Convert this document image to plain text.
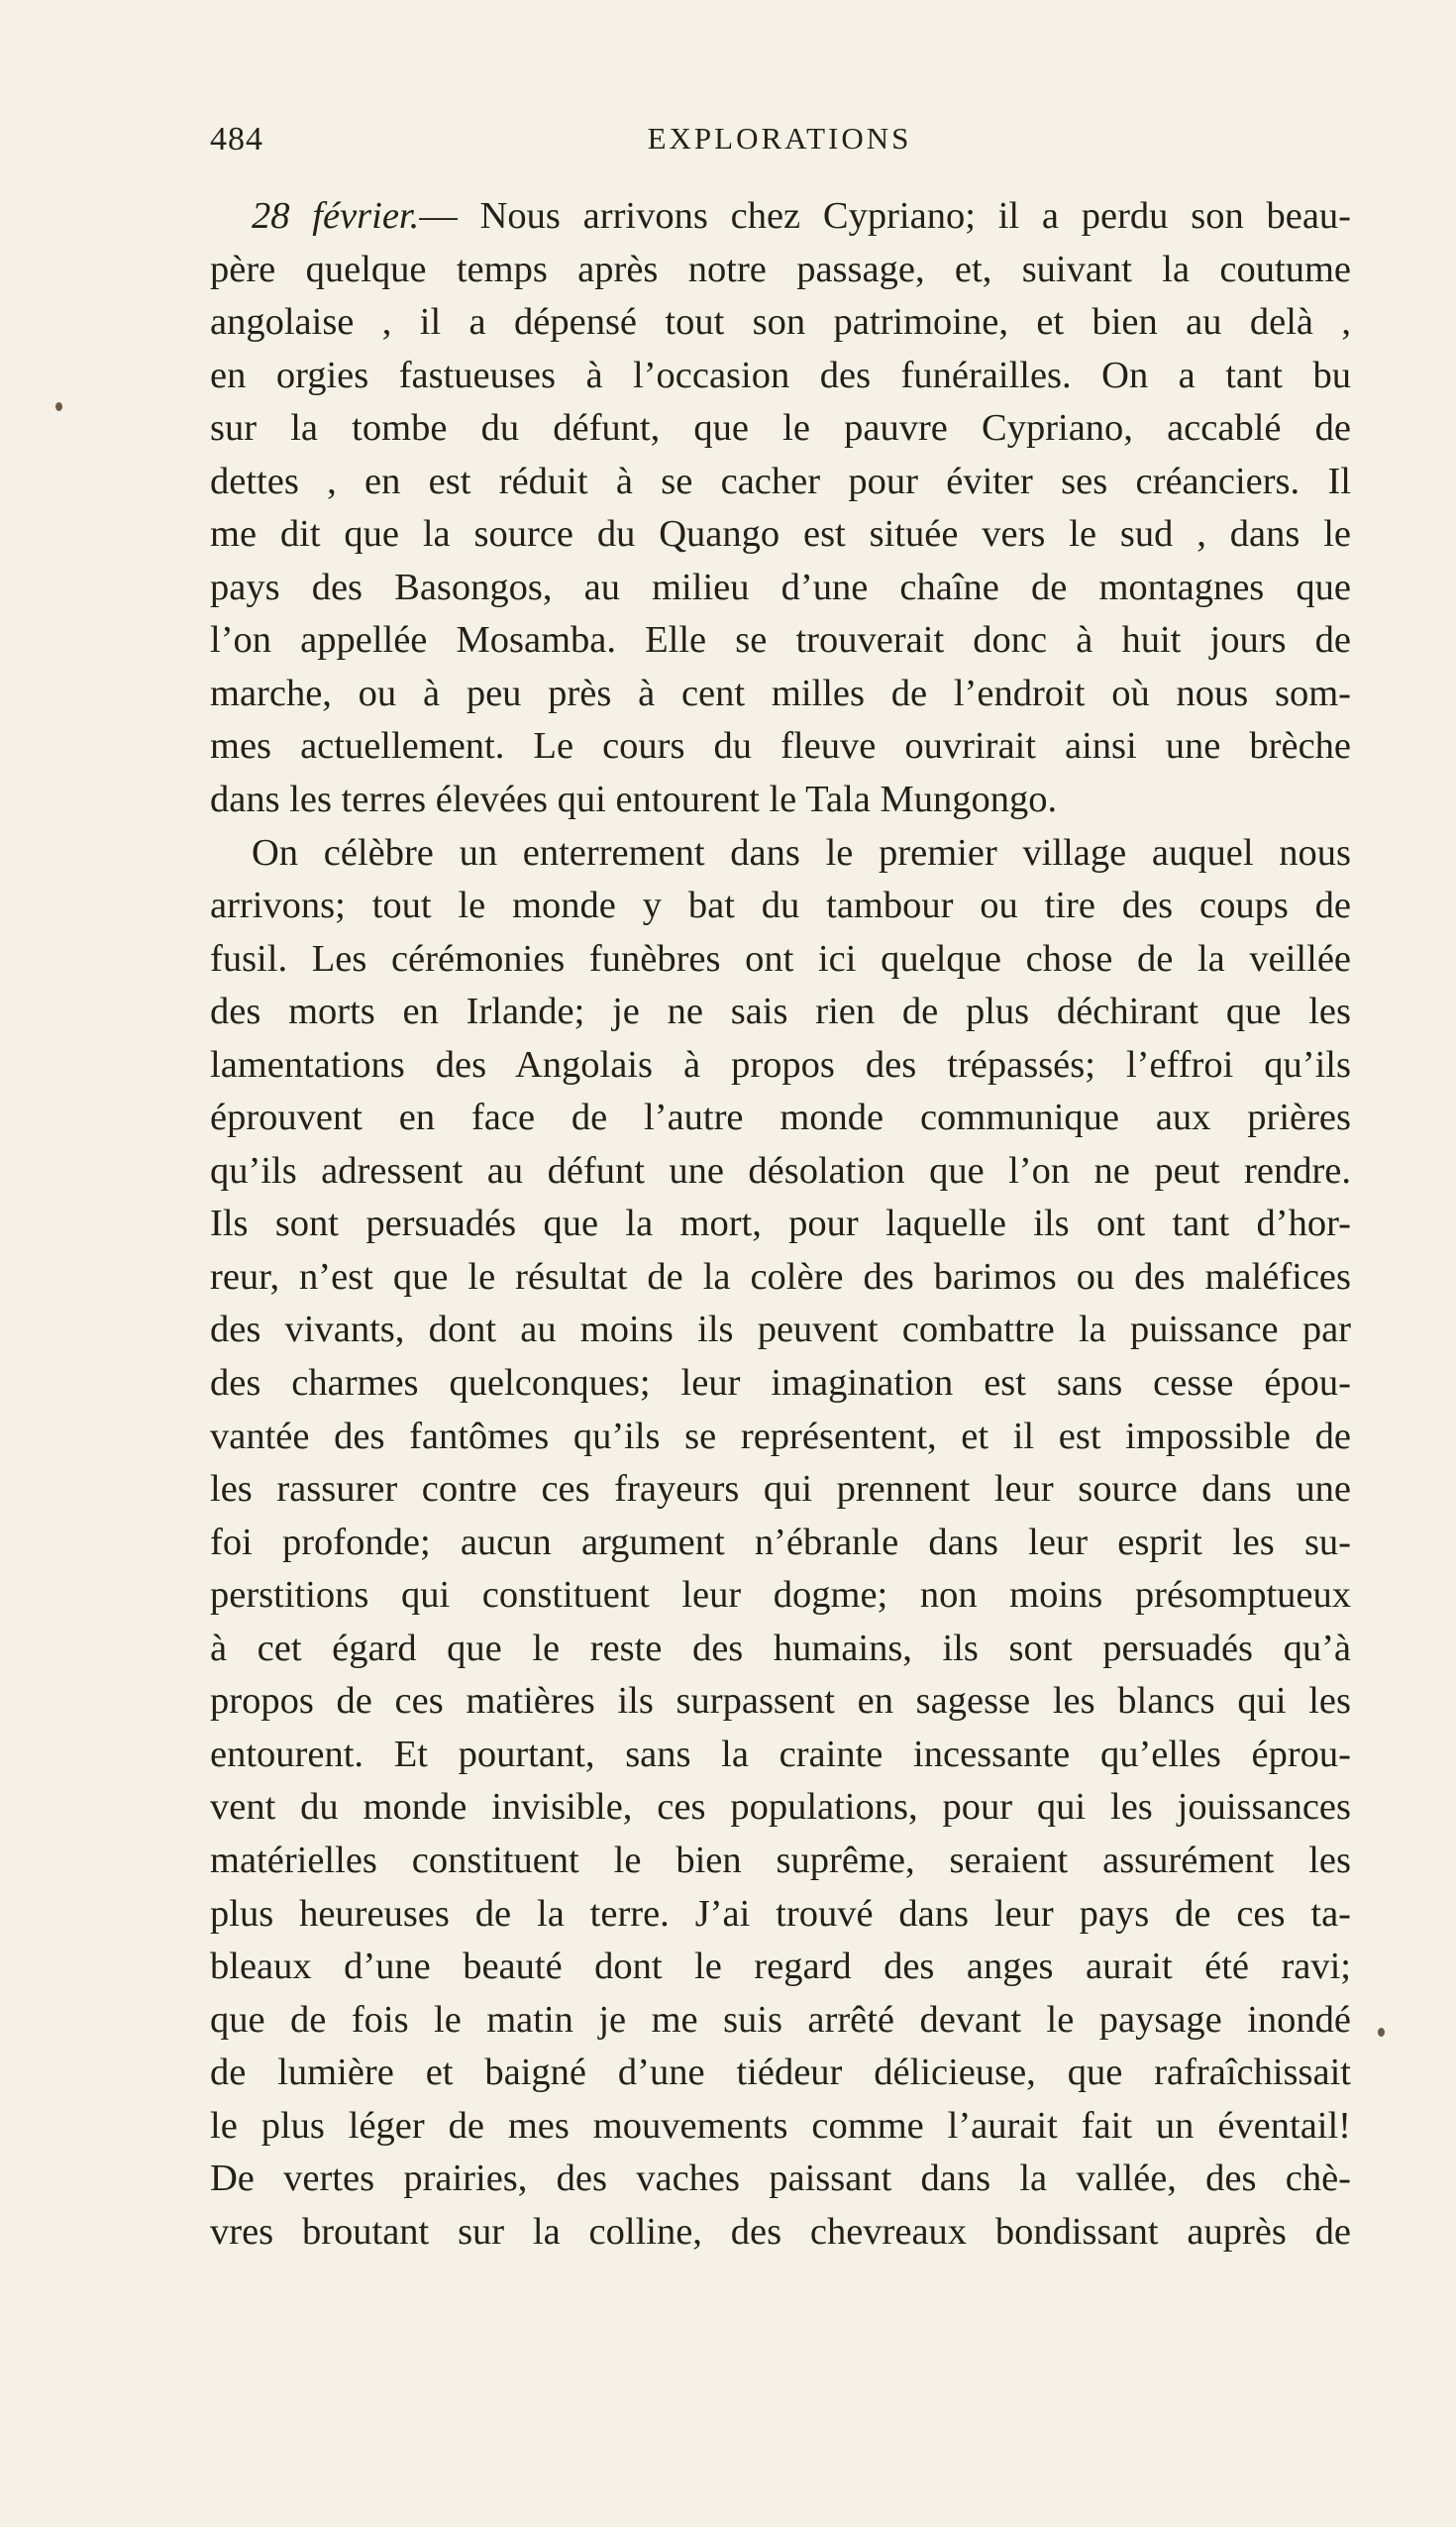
484	EXPLORATIONS
28 février.— Nous arrivons chez Cypriano; il a perdu son beau-
père quelque temps après notre passage, et, suivant la coutume
angolaise , il a dépensé tout son patrimoine, et bien au delà ,
en orgies fastueuses à l’occasion des funérailles. On a tant bu
sur la tombe du défunt, que le pauvre Cypriano, accablé de
dettes , en est réduit à se cacher pour éviter ses créanciers. Il
me dit que la source du Quango est située vers le sud , dans le
pays des Basongos, au milieu d’une chaîne de montagnes que
l’on appellée Mosamba. Elle se trouverait donc à huit jours de
marche, ou à peu près à cent milles de l’endroit où nous som-
mes actuellement. Le cours du fleuve ouvrirait ainsi une brèche
dans les terres élevées qui entourent le Tala Mungongo.
On célèbre un enterrement dans le premier village auquel nous
arrivons; tout le monde y bat du tambour ou tire des coups de
fusil. Les cérémonies funèbres ont ici quelque chose de la veillée
des morts en Irlande; je ne sais rien de plus déchirant que les
lamentations des Angolais à propos des trépassés; l’effroi qu’ils
éprouvent en face de l’autre monde communique aux prières
qu’ils adressent au défunt une désolation que l’on ne peut rendre.
Ils sont persuadés que la mort, pour laquelle ils ont tant d’hor-
reur, n’est que le résultat de la colère des barimos ou des maléfices
des vivants, dont au moins ils peuvent combattre la puissance par
des charmes quelconques; leur imagination est sans cesse épou-
vantée des fantômes qu’ils se représentent, et il est impossible de
les rassurer contre ces frayeurs qui prennent leur source dans une
foi profonde; aucun argument n’ébranle dans leur esprit les su-
perstitions qui constituent leur dogme; non moins présomptueux
à cet égard que le reste des humains, ils sont persuadés qu’à
propos de ces matières ils surpassent en sagesse les blancs qui les
entourent. Et pourtant, sans la crainte incessante qu’elles éprou-
vent du monde invisible, ces populations, pour qui les jouissances
matérielles constituent le bien suprême, seraient assurément les
plus heureuses de la terre. J’ai trouvé dans leur pays de ces ta-
bleaux d’une beauté dont le regard des anges aurait été ravi;
que de fois le matin je me suis arrêté devant le paysage inondé
de lumière et baigné d’une tiédeur délicieuse, que rafraîchissait
le plus léger de mes mouvements comme l’aurait fait un éventail!
De vertes prairies, des vaches paissant dans la vallée, des chè-
vres broutant sur la colline, des chevreaux bondissant auprès de
